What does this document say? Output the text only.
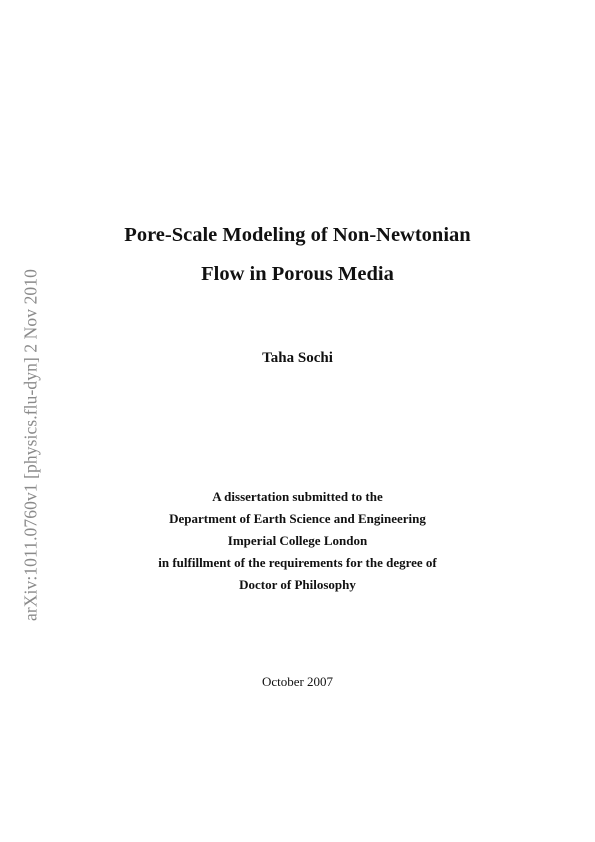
arXiv:1011.0760v1 [physics.flu-dyn] 2 Nov 2010
Pore-Scale Modeling of Non-Newtonian
Flow in Porous Media
Taha Sochi
A dissertation submitted to the
Department of Earth Science and Engineering
Imperial College London
in fulfillment of the requirements for the degree of
Doctor of Philosophy
October 2007
